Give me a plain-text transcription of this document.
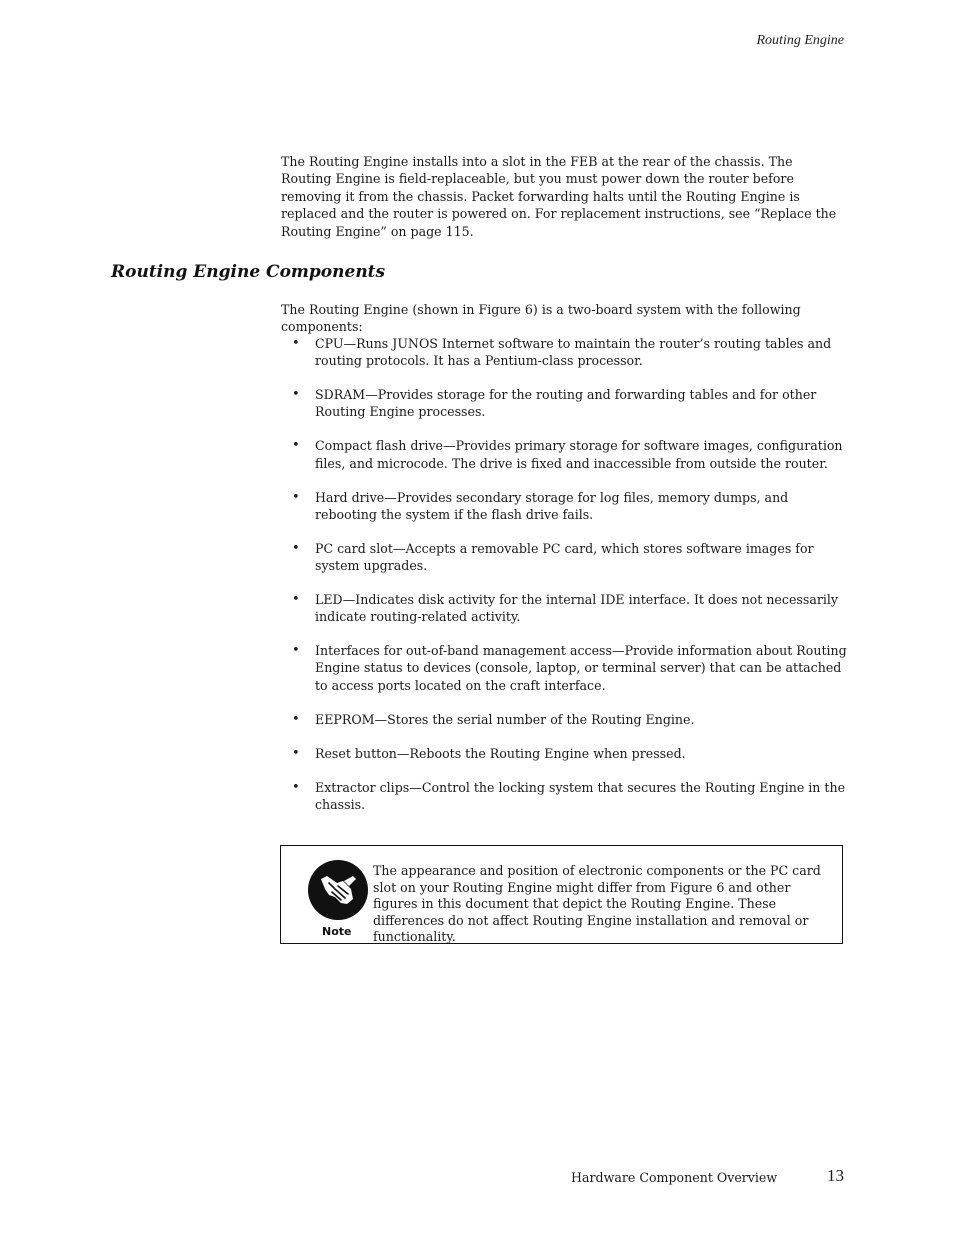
Routing Engine

The Routing Engine installs into a slot in the FEB at the rear of the chassis. The Routing Engine is field-replaceable, but you must power down the router before removing it from the chassis. Packet forwarding halts until the Routing Engine is replaced and the router is powered on. For replacement instructions, see “Replace the Routing Engine” on page 115.

Routing Engine Components

The Routing Engine (shown in Figure 6) is a two-board system with the following components:

• CPU—Runs JUNOS Internet software to maintain the router’s routing tables and routing protocols. It has a Pentium-class processor.
• SDRAM—Provides storage for the routing and forwarding tables and for other Routing Engine processes.
• Compact flash drive—Provides primary storage for software images, configuration files, and microcode. The drive is fixed and inaccessible from outside the router.
• Hard drive—Provides secondary storage for log files, memory dumps, and rebooting the system if the flash drive fails.
• PC card slot—Accepts a removable PC card, which stores software images for system upgrades.
• LED—Indicates disk activity for the internal IDE interface. It does not necessarily indicate routing-related activity.
• Interfaces for out-of-band management access—Provide information about Routing Engine status to devices (console, laptop, or terminal server) that can be attached to access ports located on the craft interface.
• EEPROM—Stores the serial number of the Routing Engine.
• Reset button—Reboots the Routing Engine when pressed.
• Extractor clips—Control the locking system that secures the Routing Engine in the chassis.
Note

The appearance and position of electronic components or the PC card slot on your Routing Engine might differ from Figure 6 and other figures in this document that depict the Routing Engine. These differences do not affect Routing Engine installation and removal or functionality.

Hardware Component Overview	13
